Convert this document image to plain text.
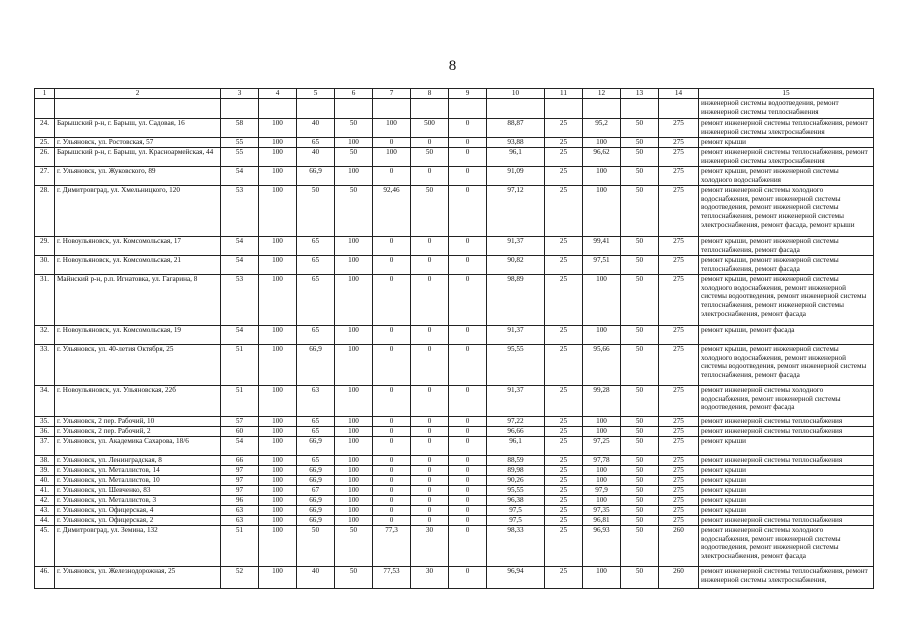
8
1	2	3	4	5	6	7	8	9	10	11	12	13	14	15
														инженерной системы водоотведения, ремонт инженерной системы теплоснабжения
24.	Барышский р-н, г. Барыш, ул. Садовая, 16	58	100	40	50	100	500	0	88,87	25	95,2	50	275	ремонт инженерной системы теплоснабжения, ремонт инженерной системы электроснабжения
25.	г. Ульяновск, ул. Ростовская, 57	55	100	65	100	0	0	0	93,88	25	100	50	275	ремонт крыши
26.	Барышский р-н, г. Барыш, ул. Красноармейская, 44	55	100	40	50	100	50	0	96,1	25	96,62	50	275	ремонт инженерной системы теплоснабжения, ремонт инженерной системы электроснабжения
27.	г. Ульяновск, ул. Жуковского, 89	54	100	66,9	100	0	0	0	91,09	25	100	50	275	ремонт крыши, ремонт инженерной системы холодного водоснабжения
28.	г. Димитровград, ул. Хмельницкого, 120	53	100	50	50	92,46	50	0	97,12	25	100	50	275	ремонт инженерной системы холодного водоснабжения, ремонт инженерной системы водоотведения, ремонт инженерной системы теплоснабжения, ремонт инженерной системы электроснабжения, ремонт фасада, ремонт крыши
29.	г. Новоульяновск, ул. Комсомольская, 17	54	100	65	100	0	0	0	91,37	25	99,41	50	275	ремонт крыши, ремонт инженерной системы теплоснабжения, ремонт фасада
30.	г. Новоульяновск, ул. Комсомольская, 21	54	100	65	100	0	0	0	90,82	25	97,51	50	275	ремонт крыши, ремонт инженерной системы теплоснабжения, ремонт фасада
31.	Майнский р-н, р.п. Игнатовка, ул. Гагарина, 8	53	100	65	100	0	0	0	98,89	25	100	50	275	ремонт крыши, ремонт инженерной системы холодного водоснабжения, ремонт инженерной системы водоотведения, ремонт инженерной системы теплоснабжения, ремонт инженерной системы электроснабжения, ремонт фасада
32.	г. Новоульяновск, ул. Комсомольская, 19	54	100	65	100	0	0	0	91,37	25	100	50	275	ремонт крыши, ремонт фасада
33.	г. Ульяновск, ул. 40-летия Октября, 25	51	100	66,9	100	0	0	0	95,55	25	95,66	50	275	ремонт крыши, ремонт инженерной системы холодного водоснабжения, ремонт инженерной системы водоотведения, ремонт инженерной системы теплоснабжения, ремонт фасада
34.	г. Новоульяновск, ул. Ульяновская, 22б	51	100	63	100	0	0	0	91,37	25	99,28	50	275	ремонт инженерной системы холодного водоснабжения, ремонт инженерной системы водоотведения, ремонт фасада
35.	г. Ульяновск, 2 пер. Рабочий, 10	57	100	65	100	0	0	0	97,22	25	100	50	275	ремонт инженерной системы теплоснабжения
36.	г. Ульяновск, 2 пер. Рабочий, 2	60	100	65	100	0	0	0	96,66	25	100	50	275	ремонт инженерной системы теплоснабжения
37.	г. Ульяновск, ул. Академика Сахарова, 18/6	54	100	66,9	100	0	0	0	96,1	25	97,25	50	275	ремонт крыши
38.	г. Ульяновск, ул. Ленинградская, 8	66	100	65	100	0	0	0	88,59	25	97,78	50	275	ремонт инженерной системы теплоснабжения
39.	г. Ульяновск, ул. Металлистов, 14	97	100	66,9	100	0	0	0	89,98	25	100	50	275	ремонт крыши
40.	г. Ульяновск, ул. Металлистов, 10	97	100	66,9	100	0	0	0	90,26	25	100	50	275	ремонт крыши
41.	г. Ульяновск, ул. Шевченко, 83	97	100	67	100	0	0	0	95,55	25	97,9	50	275	ремонт крыши
42.	г. Ульяновск, ул. Металлистов, 3	96	100	66,9	100	0	0	0	96,38	25	100	50	275	ремонт крыши
43.	г. Ульяновск, ул. Офицерская, 4	63	100	66,9	100	0	0	0	97,5	25	97,35	50	275	ремонт крыши
44.	г. Ульяновск, ул. Офицерская, 2	63	100	66,9	100	0	0	0	97,5	25	96,81	50	275	ремонт инженерной системы теплоснабжения
45.	г. Димитровград, ул. Земина, 132	51	100	50	50	77,3	30	0	98,33	25	96,93	50	260	ремонт инженерной системы холодного водоснабжения, ремонт инженерной системы водоотведения, ремонт инженерной системы электроснабжения, ремонт фасада
46.	г. Ульяновск, ул. Железнодорожная, 25	52	100	40	50	77,53	30	0	96,94	25	100	50	260	ремонт инженерной системы теплоснабжения, ремонт инженерной системы электроснабжения,
